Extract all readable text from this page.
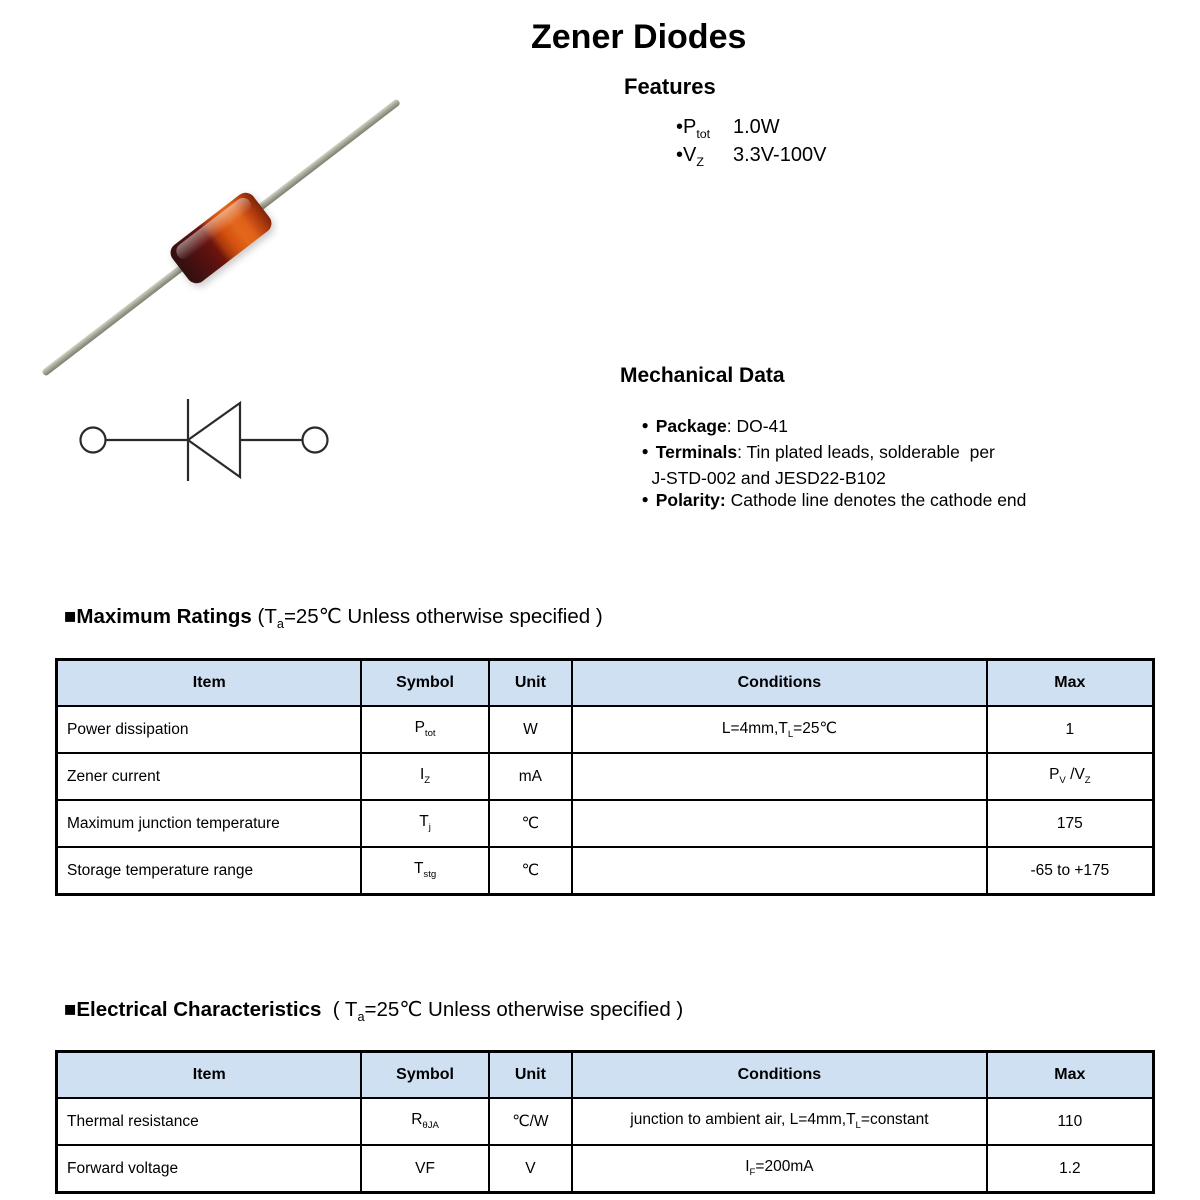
Zener Diodes
Features
$•P_{tot}$ 1.0W
$•V_Z$ 3.3V-100V
Mechanical Data

● Package: DO-41

● Terminals: Tin plated leads, solderable  per

J-STD-002 and JESD22-B102

● Polarity: Cathode line denotes the cathode end

■Maximum Ratings ($T_a=25℃$ Unless otherwise specified )
Item	Symbol	Unit	Conditions	Max
Power dissipation	$P_{tot}$	W	$L=4mm,T_L=25℃$	1
Zener current	$I_Z$	mA		$P_V$ $/V_Z$
Maximum junction temperature	$T_j$	℃		175
Storage temperature range	$T_{stg}$	℃		-65 to +175
■Electrical Characteristics  ( $T_a=25℃$ Unless otherwise specified )
Item	Symbol	Unit	Conditions	Max
Thermal resistance	$R_{\theta JA}$	℃/W	junction to ambient air, $L=4mm,T_L=constant$	110
Forward voltage	VF	V	$I_F=200mA$	1.2
